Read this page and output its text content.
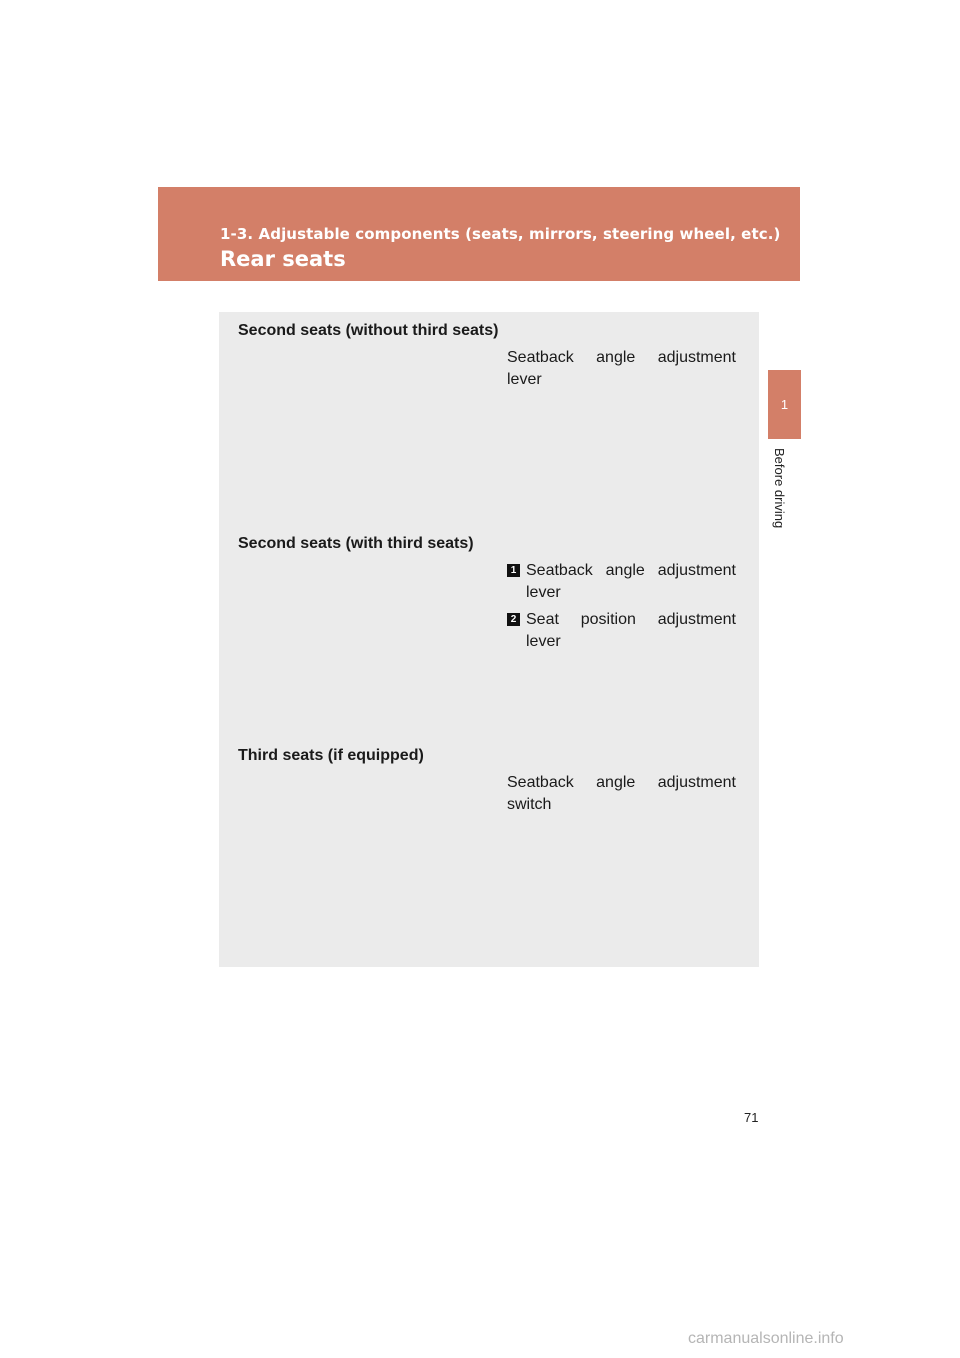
1-3. Adjustable components (seats, mirrors, steering wheel, etc.)
Rear seats
1
Before driving
Second seats (without third seats)
Seatback angle adjustment lever
Second seats (with third seats)
1 Seatback angle adjustment lever
2 Seat position adjustment lever
Third seats (if equipped)
Seatback angle adjustment switch
71
carmanualsonline.info
